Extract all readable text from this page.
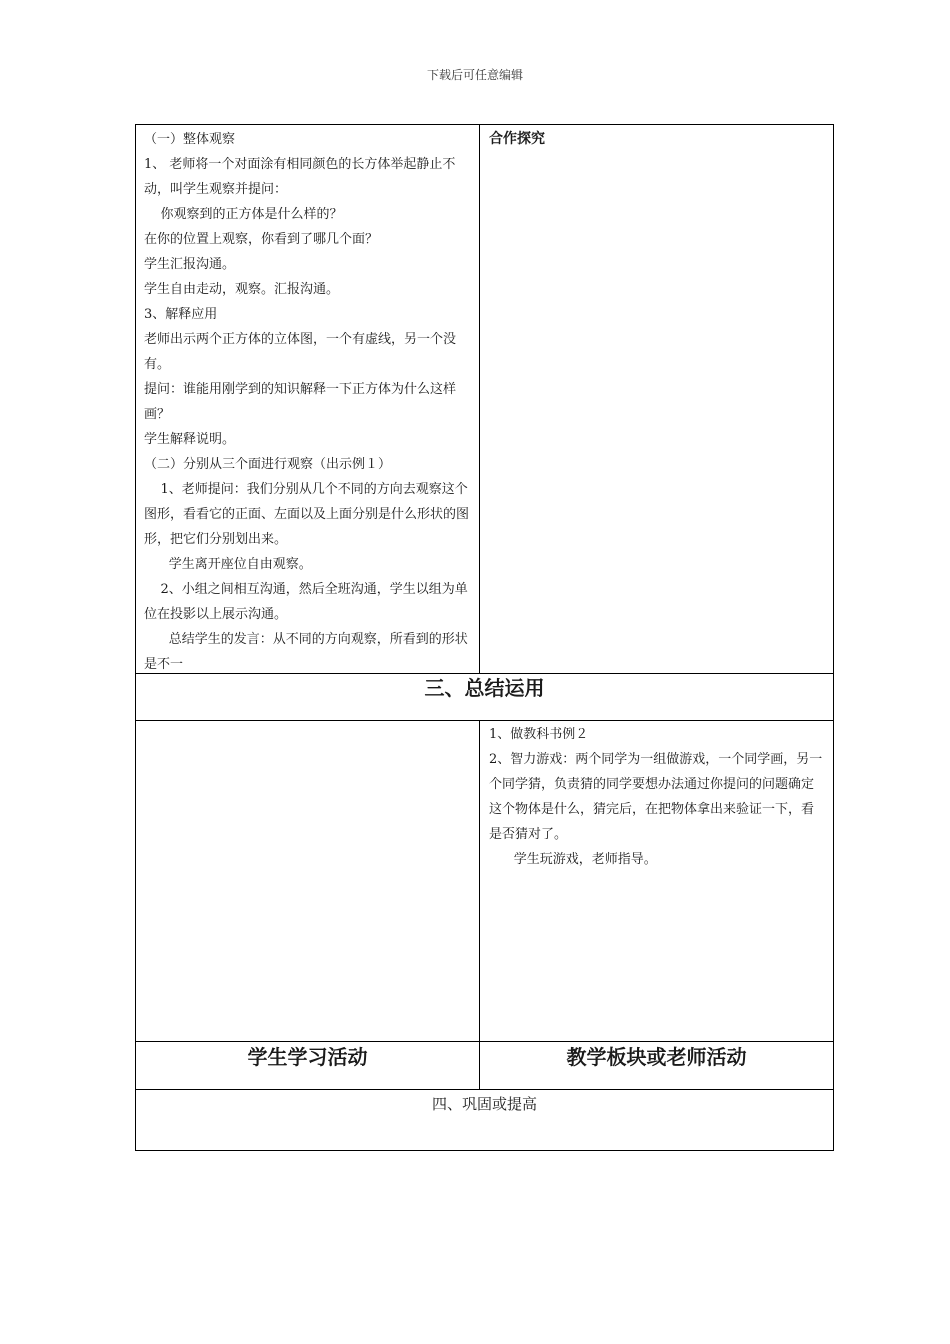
下载后可任意编辑

（一）整体观察

1、 老师将一个对面涂有相同颜色的长方体举起静止不动，叫学生观察并提问：

你观察到的正方体是什么样的？

在你的位置上观察，你看到了哪几个面？

学生汇报沟通。

学生自由走动，观察。汇报沟通。

3、解释应用

老师出示两个正方体的立体图，一个有虚线，另一个没有。

提问：谁能用刚学到的知识解释一下正方体为什么这样画？

学生解释说明。

（二）分别从三个面进行观察（出示例１）

1、老师提问：我们分别从几个不同的方向去观察这个图形，看看它的正面、左面以及上面分别是什么形状的图形，把它们分别划出来。

学生离开座位自由观察。

2、小组之间相互沟通，然后全班沟通，学生以组为单位在投影以上展示沟通。

总结学生的发言：从不同的方向观察，所看到的形状是不一

合作探究
三、总结运用

1、做教科书例２

2、智力游戏：两个同学为一组做游戏，一个同学画，另一个同学猜，负责猜的同学要想办法通过你提问的问题确定这个物体是什么，猜完后，在把物体拿出来验证一下，看是否猜对了。

学生玩游戏，老师指导。

学生学习活动	教学板块或老师活动
四、巩固或提高
